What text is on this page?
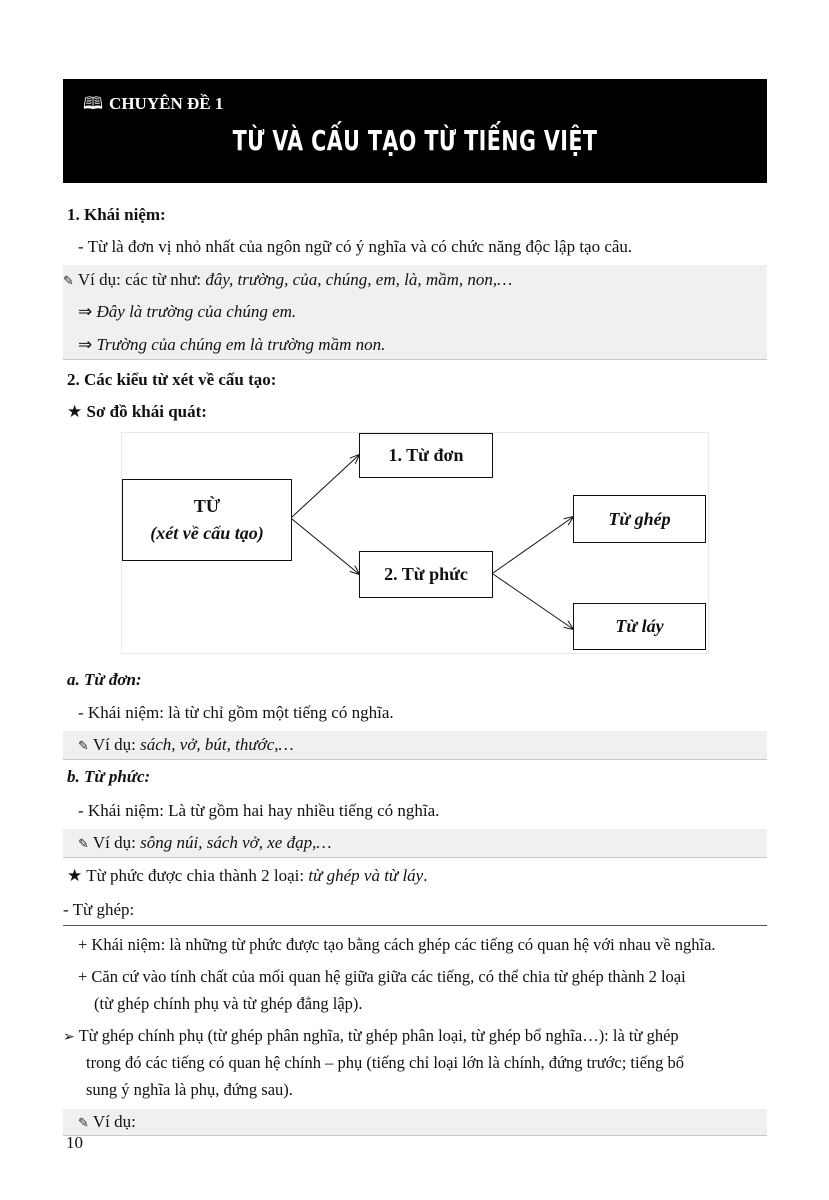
🕮 CHUYÊN ĐỀ 1
TỪ VÀ CẤU TẠO TỪ TIẾNG VIỆT
1. Khái niệm:
- Từ là đơn vị nhỏ nhất của ngôn ngữ có ý nghĩa và có chức năng độc lập tạo câu.
✎ Ví dụ: các từ như: đây, trường, của, chúng, em, là, mầm, non,…
⇒ Đây là trường của chúng em.
⇒ Trường của chúng em là trường mầm non.
2. Các kiểu từ xét về cấu tạo:
★ Sơ đồ khái quát:
TỪ
(xét về cấu tạo)
1. Từ đơn
2. Từ phức
Từ ghép
Từ láy
a. Từ đơn:
- Khái niệm: là từ chỉ gồm một tiếng có nghĩa.
✎ Ví dụ: sách, vở, bút, thước,…
b. Từ phức:
- Khái niệm: Là từ gồm hai hay nhiều tiếng có nghĩa.
✎ Ví dụ: sông núi, sách vở, xe đạp,…
★ Từ phức được chia thành 2 loại: từ ghép và từ láy.
- Từ ghép:
+ Khái niệm: là những từ phức được tạo bằng cách ghép các tiếng có quan hệ với nhau về nghĩa.
+ Căn cứ vào tính chất của mối quan hệ giữa giữa các tiếng, có thể chia từ ghép thành 2 loại
(từ ghép chính phụ và từ ghép đẳng lập).
➢ Từ ghép chính phụ (từ ghép phân nghĩa, từ ghép phân loại, từ ghép bổ nghĩa…): là từ ghép
trong đó các tiếng có quan hệ chính – phụ (tiếng chỉ loại lớn là chính, đứng trước; tiếng bổ
sung ý nghĩa là phụ, đứng sau).
✎ Ví dụ:
10
